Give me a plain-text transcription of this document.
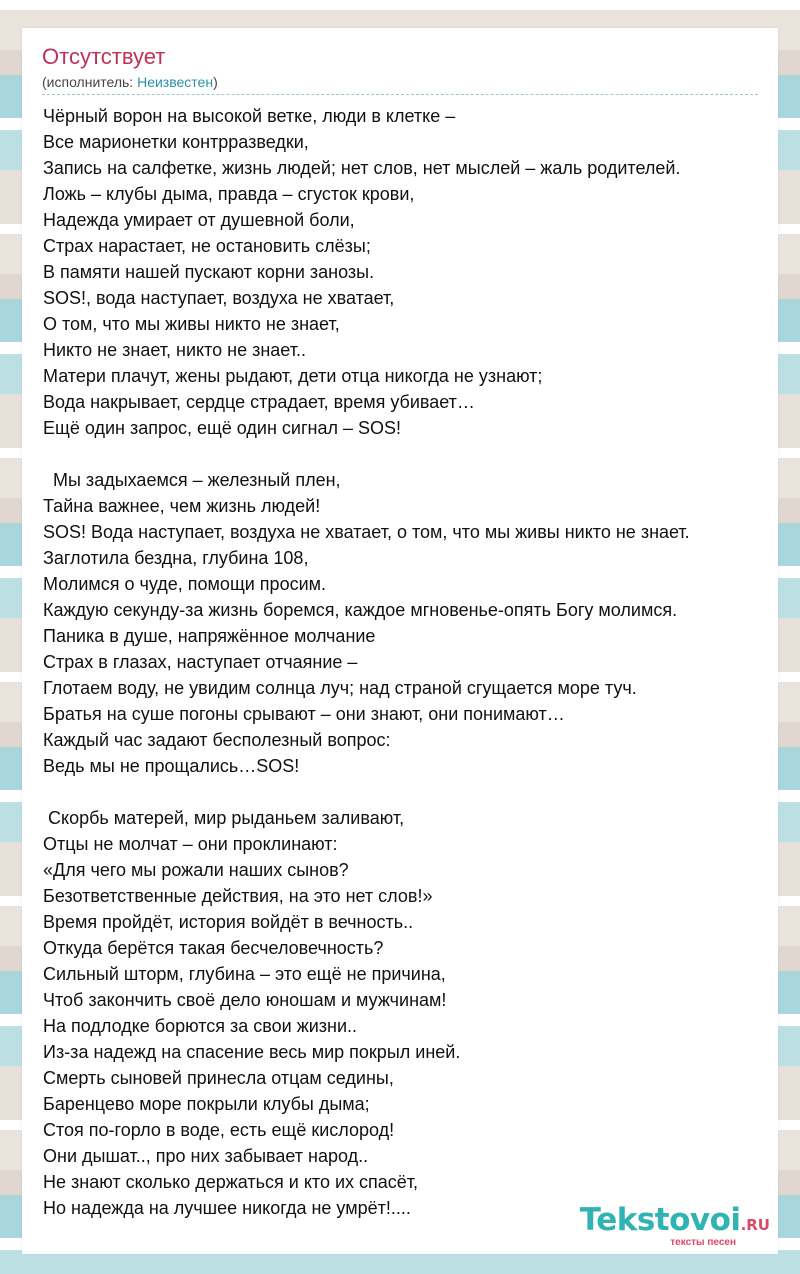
Отсутствует
(исполнитель: Неизвестен)
Чёрный ворон на высокой ветке, люди в клетке –
Все марионетки контрразведки,
Запись на салфетке, жизнь людей; нет слов, нет мыслей – жаль родителей.
Ложь – клубы дыма, правда – сгусток крови,
Надежда умирает от душевной боли,
Страх нарастает, не остановить слёзы;
В памяти нашей пускают корни занозы.
SOS!, вода наступает, воздуха не хватает,
О том, что мы живы никто не знает,
Никто не знает, никто не знает..
Матери плачут, жены рыдают, дети отца никогда не узнают;
Вода накрывает, сердце страдает, время убивает…
Ещё один запрос, ещё один сигнал – SOS!
Мы задыхаемся – железный плен,
Тайна важнее, чем жизнь людей!
SOS! Вода наступает, воздуха не хватает, о том, что мы живы никто не знает.
Заглотила бездна, глубина 108,
Молимся о чуде, помощи просим.
Каждую секунду-за жизнь боремся, каждое мгновенье-опять Богу молимся.
Паника в душе, напряжённое молчание
Страх в глазах, наступает отчаяние –
Глотаем воду, не увидим солнца луч; над страной сгущается море туч.
Братья на суше погоны срывают – они знают, они понимают…
Каждый час задают бесполезный вопрос:
Ведь мы не прощались…SOS!
Скорбь матерей, мир рыданьем заливают,
Отцы не молчат – они проклинают:
«Для чего мы рожали наших сынов?
Безответственные действия, на это нет слов!»
Время пройдёт, история войдёт в вечность..
Откуда берётся такая бесчеловечность?
Сильный шторм, глубина – это ещё не причина,
Чтоб закончить своё дело юношам и мужчинам!
На подлодке борются за свои жизни..
Из-за надежд на спасение весь мир покрыл иней.
Смерть сыновей принесла отцам седины,
Баренцево море покрыли клубы дыма;
Стоя по-горло в воде, есть ещё кислород!
Они дышат.., про них забывает народ..
Не знают сколько держаться и кто их спасёт,
Но надежда на лучшее никогда не умрёт!....	Tekstovoi.RU
тексты песен
